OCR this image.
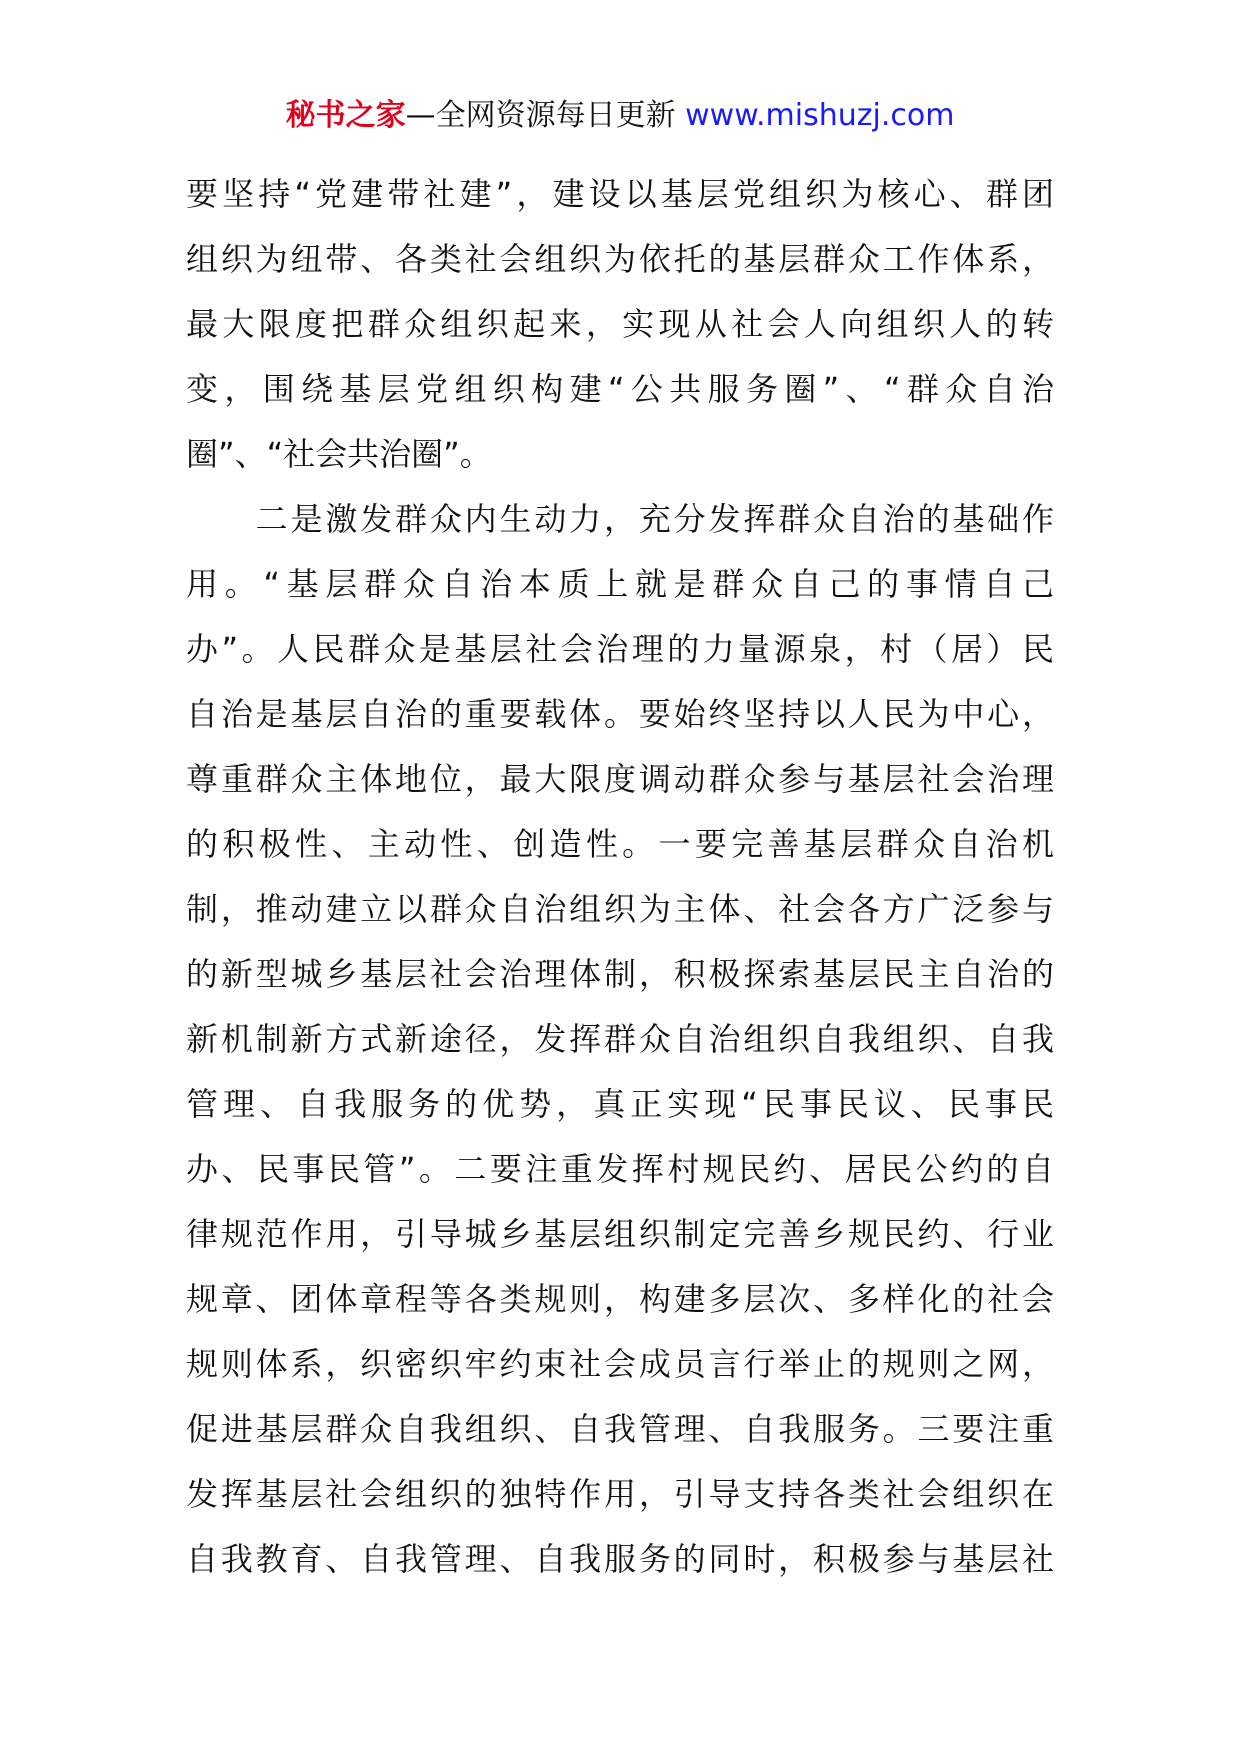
秘书之家—全网资源每日更新 www.mishuzj.com
要坚持“党建带社建”，建设以基层党组织为核心、群团
组织为纽带、各类社会组织为依托的基层群众工作体系，
最大限度把群众组织起来，实现从社会人向组织人的转
变，围绕基层党组织构建“公共服务圈”、“群众自治
圈”、“社会共治圈”。
　　二是激发群众内生动力，充分发挥群众自治的基础作
用。“基层群众自治本质上就是群众自己的事情自己
办”。人民群众是基层社会治理的力量源泉，村（居）民
自治是基层自治的重要载体。要始终坚持以人民为中心，
尊重群众主体地位，最大限度调动群众参与基层社会治理
的积极性、主动性、创造性。一要完善基层群众自治机
制，推动建立以群众自治组织为主体、社会各方广泛参与
的新型城乡基层社会治理体制，积极探索基层民主自治的
新机制新方式新途径，发挥群众自治组织自我组织、自我
管理、自我服务的优势，真正实现“民事民议、民事民
办、民事民管”。二要注重发挥村规民约、居民公约的自
律规范作用，引导城乡基层组织制定完善乡规民约、行业
规章、团体章程等各类规则，构建多层次、多样化的社会
规则体系，织密织牢约束社会成员言行举止的规则之网，
促进基层群众自我组织、自我管理、自我服务。三要注重
发挥基层社会组织的独特作用，引导支持各类社会组织在
自我教育、自我管理、自我服务的同时，积极参与基层社
